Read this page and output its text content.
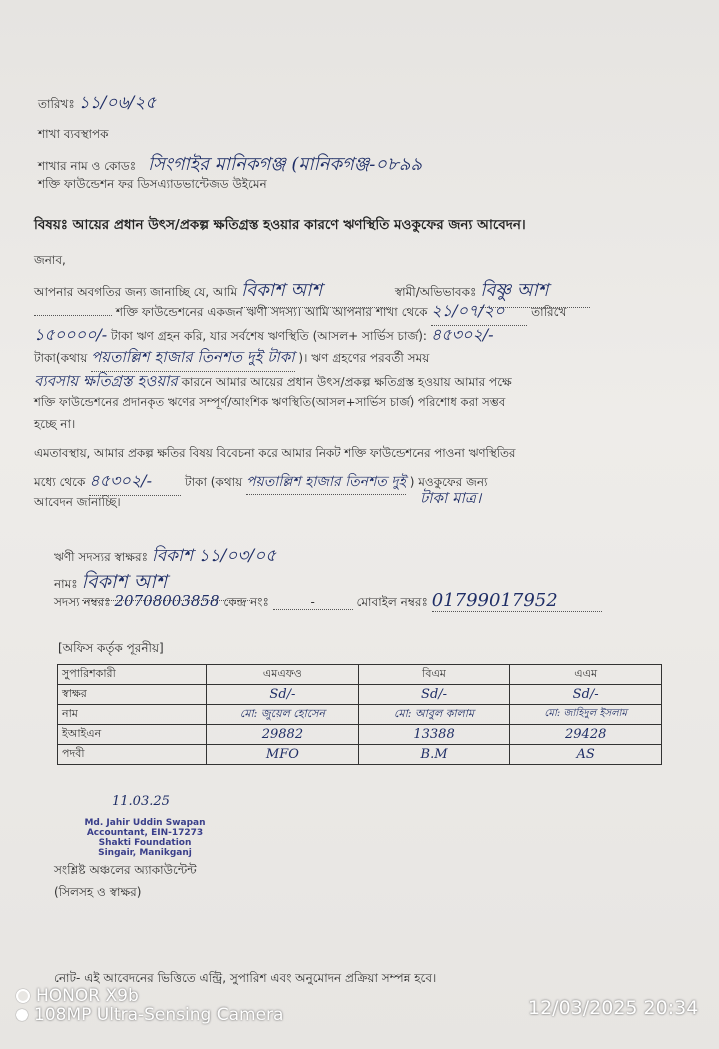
তারিখঃ ১১/০৬/২৫
শাখা ব্যবস্থাপক
শাখার নাম ও কোডঃ সিংগাইর মানিকগঞ্জ (মানিকগঞ্জ-০৮৯৯
শক্তি ফাউন্ডেশন ফর ডিসএ্যাডভান্টেজড উইমেন
বিষয়ঃ আয়ের প্রধান উৎস/প্রকল্প ক্ষতিগ্রস্ত হওয়ার কারণে ঋণস্থিতি মওকুফের জন্য আবেদন।
জনাব,
আপনার অবগতির জন্য জানাচ্ছি যে, আমি বিকাশ আশ	স্বামী/অভিভাবকঃ বিষ্ণু আশ
শক্তি ফাউন্ডেশনের একজন ঋণী সদস্য। আমি আপনার শাখা থেকে ২১/০৭/২০ তারিখে
১৫০০০০/- টাকা ঋণ গ্রহন করি, যার সর্বশেষ ঋণস্থিতি (আসল+ সার্ভিস চার্জ): ৪৫৩০২/-
টাকা(কথায় পয়তাল্লিশ হাজার তিনশত দুই টাকা )। ঋণ গ্রহণের পরবর্তী সময়
ব্যবসায় ক্ষতিগ্রস্ত হওয়ার কারনে আমার আয়ের প্রধান উৎস/প্রকল্প ক্ষতিগ্রস্ত হওয়ায় আমার পক্ষে
শক্তি ফাউন্ডেশনের প্রদানকৃত ঋণের সম্পূর্ণ/আংশিক ঋণস্থিতি(আসল+সার্ভিস চার্জ) পরিশোধ করা সম্ভব
হচ্ছে না।
এমতাবস্থায়, আমার প্রকল্প ক্ষতির বিষয় বিবেচনা করে আমার নিকট শক্তি ফাউন্ডেশনের পাওনা ঋণস্থিতির
মধ্যে থেকে ৪৫৩০২/-	টাকা (কথায় পয়তাল্লিশ হাজার তিনশত দুই ) মওকুফের জন্য
টাকা মাত্র।
আবেদন জানাচ্ছি।
ঋণী সদস্যর স্বাক্ষরঃ বিকাশ ১১/০৩/০৫
নামঃ বিকাশ আশ
সদস্য নম্বরঃ 20708003858 কেন্দ্র নংঃ	-	মোবাইল নম্বরঃ 01799017952
[অফিস কর্তৃক পূরনীয়]
সুপারিশকারী	এমএফও	বিএম	এএম
স্বাক্ষর	Sd/-	Sd/-	Sd/-
নাম	মো: জুয়েল হোসেন	মো: আবুল কালাম	মো: জাহিদুল ইসলাম
ইআইএন	29882	13388	29428
পদবী	MFO	B.M	AS
11.03.25
Md. Jahir Uddin Swapan
Accountant, EIN-17273
Shakti Foundation
Singair, Manikganj
সংশ্লিষ্ট অঞ্চলের অ্যাকাউন্টেন্ট
(সিলসহ ও স্বাক্ষর)
নোট- এই আবেদনের ভিত্তিতে এন্ট্রি, সুপারিশ এবং অনুমোদন প্রক্রিয়া সম্পন্ন হবে।
HONOR X9b
108MP Ultra-Sensing Camera	12/03/2025 20:34
